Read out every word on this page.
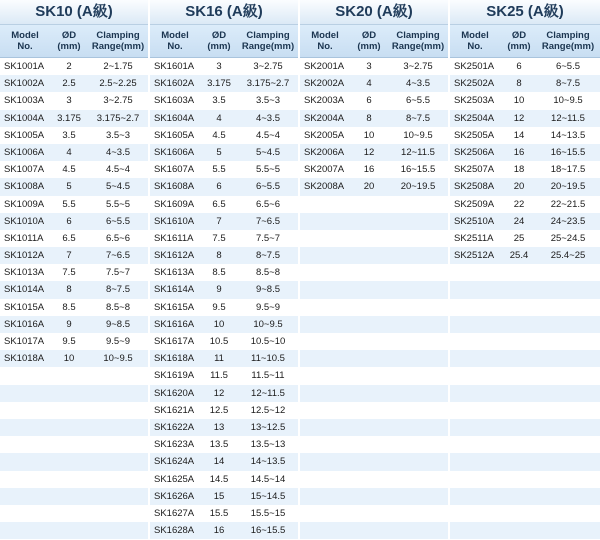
SK10 (A級)
Model
No.
ØD
(mm)
Clamping
Range(mm)
SK1001A	2	2~1.75
SK1002A	2.5	2.5~2.25
SK1003A	3	3~2.75
SK1004A	3.175	3.175~2.7
SK1005A	3.5	3.5~3
SK1006A	4	4~3.5
SK1007A	4.5	4.5~4
SK1008A	5	5~4.5
SK1009A	5.5	5.5~5
SK1010A	6	6~5.5
SK1011A	6.5	6.5~6
SK1012A	7	7~6.5
SK1013A	7.5	7.5~7
SK1014A	8	8~7.5
SK1015A	8.5	8.5~8
SK1016A	9	9~8.5
SK1017A	9.5	9.5~9
SK1018A	10	10~9.5
SK16 (A級)
Model
No.
ØD
(mm)
Clamping
Range(mm)
SK1601A	3	3~2.75
SK1602A	3.175	3.175~2.7
SK1603A	3.5	3.5~3
SK1604A	4	4~3.5
SK1605A	4.5	4.5~4
SK1606A	5	5~4.5
SK1607A	5.5	5.5~5
SK1608A	6	6~5.5
SK1609A	6.5	6.5~6
SK1610A	7	7~6.5
SK1611A	7.5	7.5~7
SK1612A	8	8~7.5
SK1613A	8.5	8.5~8
SK1614A	9	9~8.5
SK1615A	9.5	9.5~9
SK1616A	10	10~9.5
SK1617A	10.5	10.5~10
SK1618A	11	11~10.5
SK1619A	11.5	11.5~11
SK1620A	12	12~11.5
SK1621A	12.5	12.5~12
SK1622A	13	13~12.5
SK1623A	13.5	13.5~13
SK1624A	14	14~13.5
SK1625A	14.5	14.5~14
SK1626A	15	15~14.5
SK1627A	15.5	15.5~15
SK1628A	16	16~15.5
SK20 (A級)
Model
No.
ØD
(mm)
Clamping
Range(mm)
SK2001A	3	3~2.75
SK2002A	4	4~3.5
SK2003A	6	6~5.5
SK2004A	8	8~7.5
SK2005A	10	10~9.5
SK2006A	12	12~11.5
SK2007A	16	16~15.5
SK2008A	20	20~19.5
SK25 (A級)
Model
No.
ØD
(mm)
Clamping
Range(mm)
SK2501A	6	6~5.5
SK2502A	8	8~7.5
SK2503A	10	10~9.5
SK2504A	12	12~11.5
SK2505A	14	14~13.5
SK2506A	16	16~15.5
SK2507A	18	18~17.5
SK2508A	20	20~19.5
SK2509A	22	22~21.5
SK2510A	24	24~23.5
SK2511A	25	25~24.5
SK2512A	25.4	25.4~25
